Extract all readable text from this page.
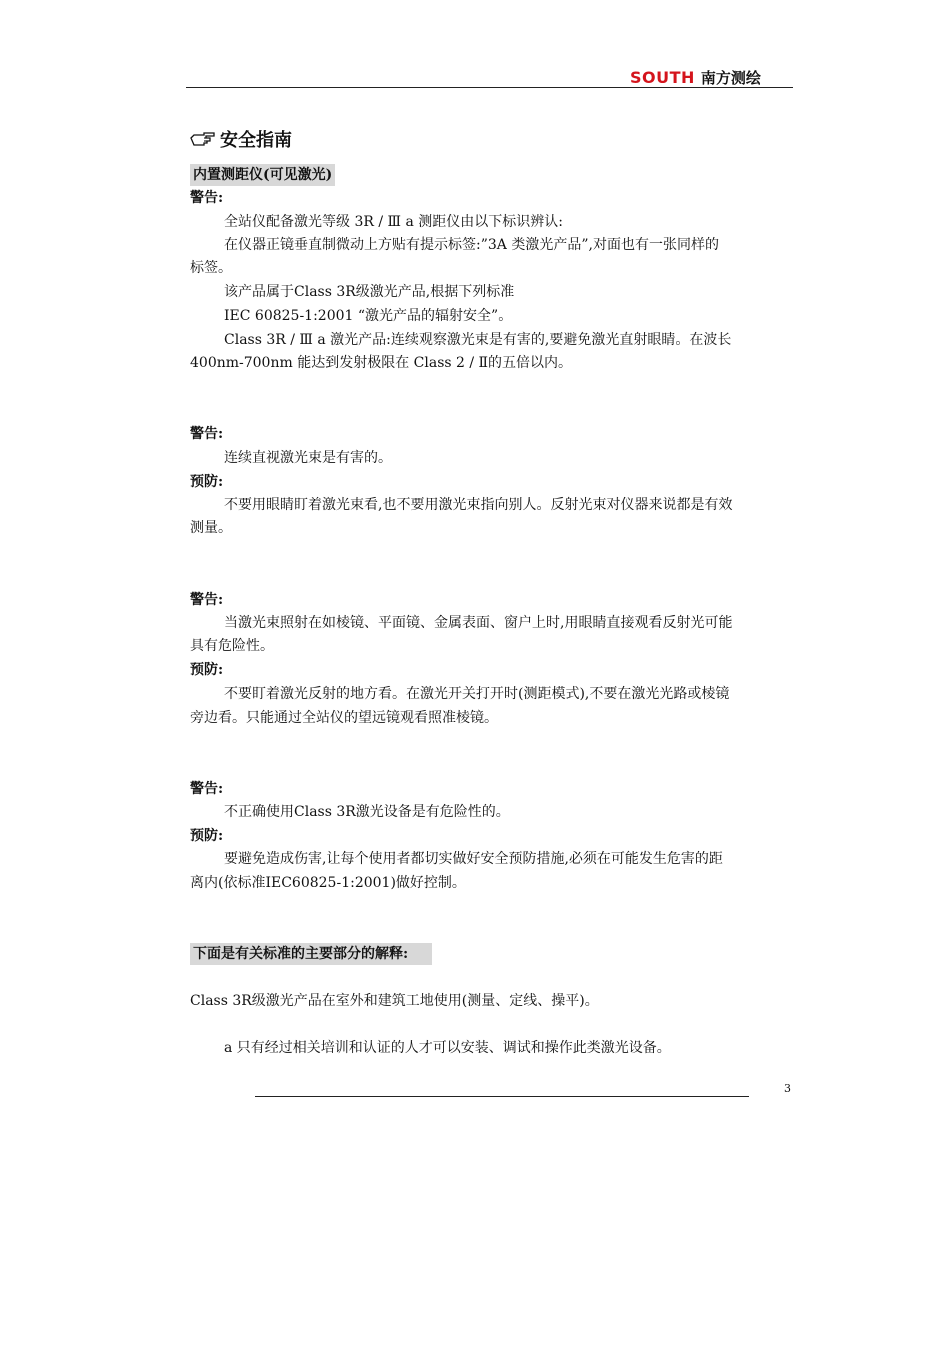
SOUTH 南方测绘
安全指南
内置测距仪(可见激光)
警告:
全站仪配备激光等级 3R / Ⅲ a 测距仪由以下标识辨认:
在仪器正镜垂直制微动上方贴有提示标签:”3A 类激光产品”,对面也有一张同样的
标签。
该产品属于Class 3R级激光产品,根据下列标准
IEC 60825-1:2001 “激光产品的辐射安全”。
Class 3R / Ⅲ a 激光产品:连续观察激光束是有害的,要避免激光直射眼睛。在波长
400nm-700nm 能达到发射极限在 Class 2 / Ⅱ的五倍以内。
警告:
连续直视激光束是有害的。
预防:
不要用眼睛盯着激光束看,也不要用激光束指向别人。反射光束对仪器来说都是有效
测量。
警告:
当激光束照射在如棱镜、平面镜、金属表面、窗户上时,用眼睛直接观看反射光可能
具有危险性。
预防:
不要盯着激光反射的地方看。在激光开关打开时(测距模式),不要在激光光路或棱镜
旁边看。只能通过全站仪的望远镜观看照准棱镜。
警告:
不正确使用Class 3R激光设备是有危险性的。
预防:
要避免造成伤害,让每个使用者都切实做好安全预防措施,必须在可能发生危害的距
离内(依标准IEC60825-1:2001)做好控制。
下面是有关标准的主要部分的解释:
Class 3R级激光产品在室外和建筑工地使用(测量、定线、操平)。
a 只有经过相关培训和认证的人才可以安装、调试和操作此类激光设备。
3
